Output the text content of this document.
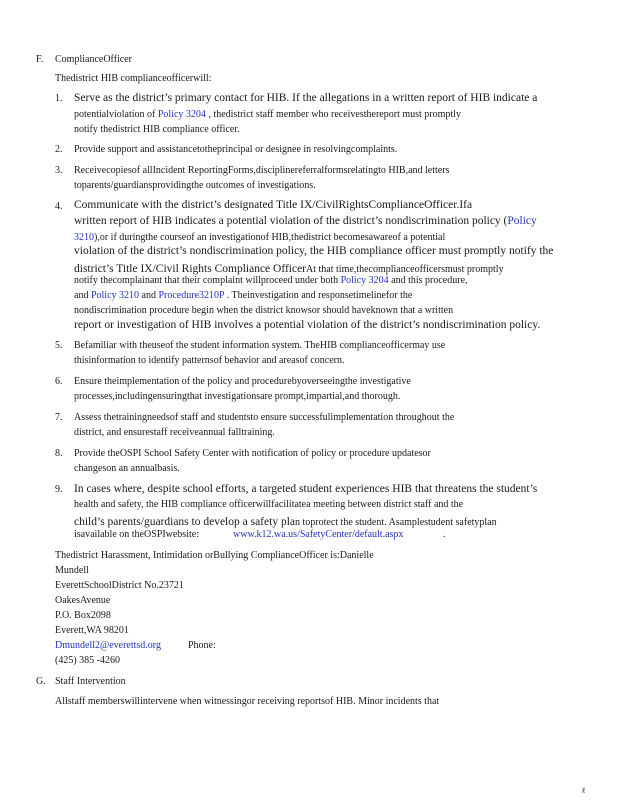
F. ComplianceOfficer
Thedistrict HIB complianceofficerwill:
1. Serve as the district’s primary contact for HIB. If the allegations in a written report of HIB indicate a
potentialviolation of Policy 3204 , thedistrict staff member who receivesthereport must promptly
notify thedistrict HIB compliance officer.
2. Provide support and assistancetotheprincipal or designee in resolvingcomplaints.
3. Receivecopiesof allIncident ReportingForms,disciplinereferralformsrelatingto HIB,and letters
toparents/guardiansprovidingthe outcomes of investigations.
4. Communicate with the district’s designated Title IX/CivilRightsComplianceOfficer.Ifa
written report of HIB indicates a potential violation of the district’s nondiscrimination policy (Policy
3210),or if duringthe courseof an investigationof HIB,thedistrict becomesawareof a potential
violation of the district’s nondiscrimination policy, the HIB compliance officer must promptly notify the
district’s Title IX/Civil Rights Compliance OfficerAt that time,thecomplianceofficersmust promptly
notify thecomplainant that their complaint willproceed under both Policy 3204 and this procedure,
and Policy 3210 and Procedure3210P . Theinvestigation and responsetimelinefor the
nondiscrimination procedure begin when the district knowsor should haveknown that a written
report or investigation of HIB involves a potential violation of the district’s nondiscrimination policy.
5. Befamiliar with theuseof the student information system. TheHIB complianceofficermay use
thisinformation to identify patternsof behavior and areasof concern.
6. Ensure theimplementation of the policy and procedurebyoverseeingthe investigative
processes,includingensuringthat investigationsare prompt,impartial,and thorough.
7. Assess thetrainingneedsof staff and studentsto ensure successfulimplementation throughout the
district, and ensurestaff receiveannual falltraining.
8. Provide theOSPI School Safety Center with notification of policy or procedure updatesor
changeson an annualbasis.
9. In cases where, despite school efforts, a targeted student experiences HIB that threatens the student’s
health and safety, the HIB compliance officerwillfacilitatea meeting between district staff and the
child’s parents/guardians to develop a safety plan toprotect the student. Asamplestudent safetyplan
isavailable on theOSPIwebsite:	www.k12.wa.us/SafetyCenter/default.aspx	.
Thedistrict Harassment, Intimidation orBullying ComplianceOfficer is:Danielle
Mundell
EverettSchoolDistrict No.23721
OakesAvenue
P.O. Box2098
Everett,WA 98201
Dmundell2@everettsd.org	Phone:
(425) 385 -4260
G. Staff Intervention
Allstaff memberswillintervene when witnessingor receiving reportsof HIB. Minor incidents that
96
